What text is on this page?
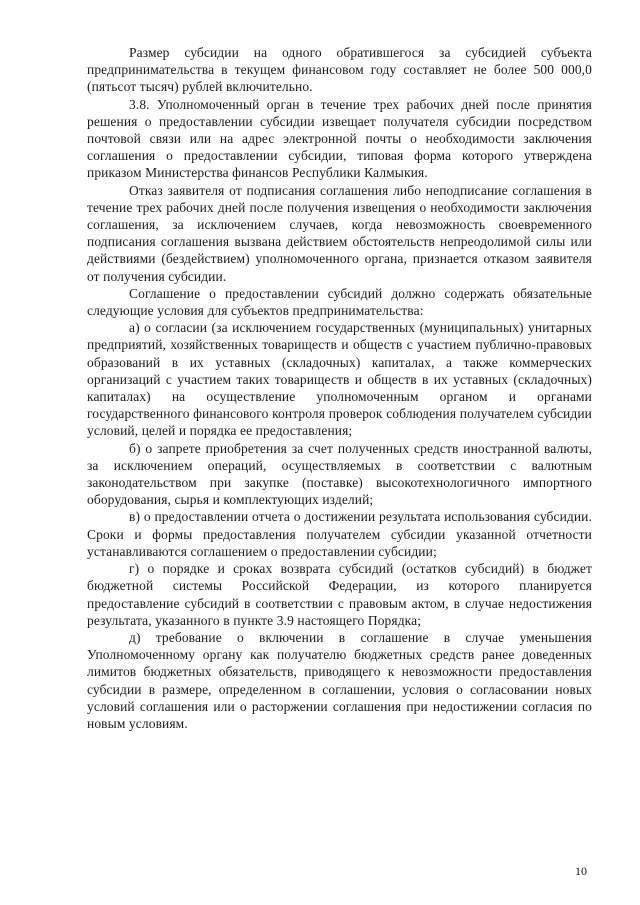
Размер субсидии на одного обратившегося за субсидией субъекта предпринимательства в текущем финансовом году составляет не более 500 000,0 (пятьсот тысяч) рублей включительно.

3.8. Уполномоченный орган в течение трех рабочих дней после принятия решения о предоставлении субсидии извещает получателя субсидии посредством почтовой связи или на адрес электронной почты о необходимости заключения соглашения о предоставлении субсидии, типовая форма которого утверждена приказом Министерства финансов Республики Калмыкия.

Отказ заявителя от подписания соглашения либо неподписание соглашения в течение трех рабочих дней после получения извещения о необходимости заключения соглашения, за исключением случаев, когда невозможность своевременного подписания соглашения вызвана действием обстоятельств непреодолимой силы или действиями (бездействием) уполномоченного органа, признается отказом заявителя от получения субсидии.

Соглашение о предоставлении субсидий должно содержать обязательные следующие условия для субъектов предпринимательства:

а) о согласии (за исключением государственных (муниципальных) унитарных предприятий, хозяйственных товариществ и обществ с участием публично-правовых образований в их уставных (складочных) капиталах, а также коммерческих организаций с участием таких товариществ и обществ в их уставных (складочных) капиталах) на осуществление уполномоченным органом и органами государственного финансового контроля проверок соблюдения получателем субсидии условий, целей и порядка ее предоставления;

б) о запрете приобретения за счет полученных средств иностранной валюты, за исключением операций, осуществляемых в соответствии с валютным законодательством при закупке (поставке) высокотехнологичного импортного оборудования, сырья и комплектующих изделий;

в) о предоставлении отчета о достижении результата использования субсидии. Сроки и формы предоставления получателем субсидии указанной отчетности устанавливаются соглашением о предоставлении субсидии;

г) о порядке и сроках возврата субсидий (остатков субсидий) в бюджет бюджетной системы Российской Федерации, из которого планируется предоставление субсидий в соответствии с правовым актом, в случае недостижения результата, указанного в пункте 3.9 настоящего Порядка;

д) требование о включении в соглашение в случае уменьшения Уполномоченному органу как получателю бюджетных средств ранее доведенных лимитов бюджетных обязательств, приводящего к невозможности предоставления субсидии в размере, определенном в соглашении, условия о согласовании новых условий соглашения или о расторжении соглашения при недостижении согласия по новым условиям.

10
